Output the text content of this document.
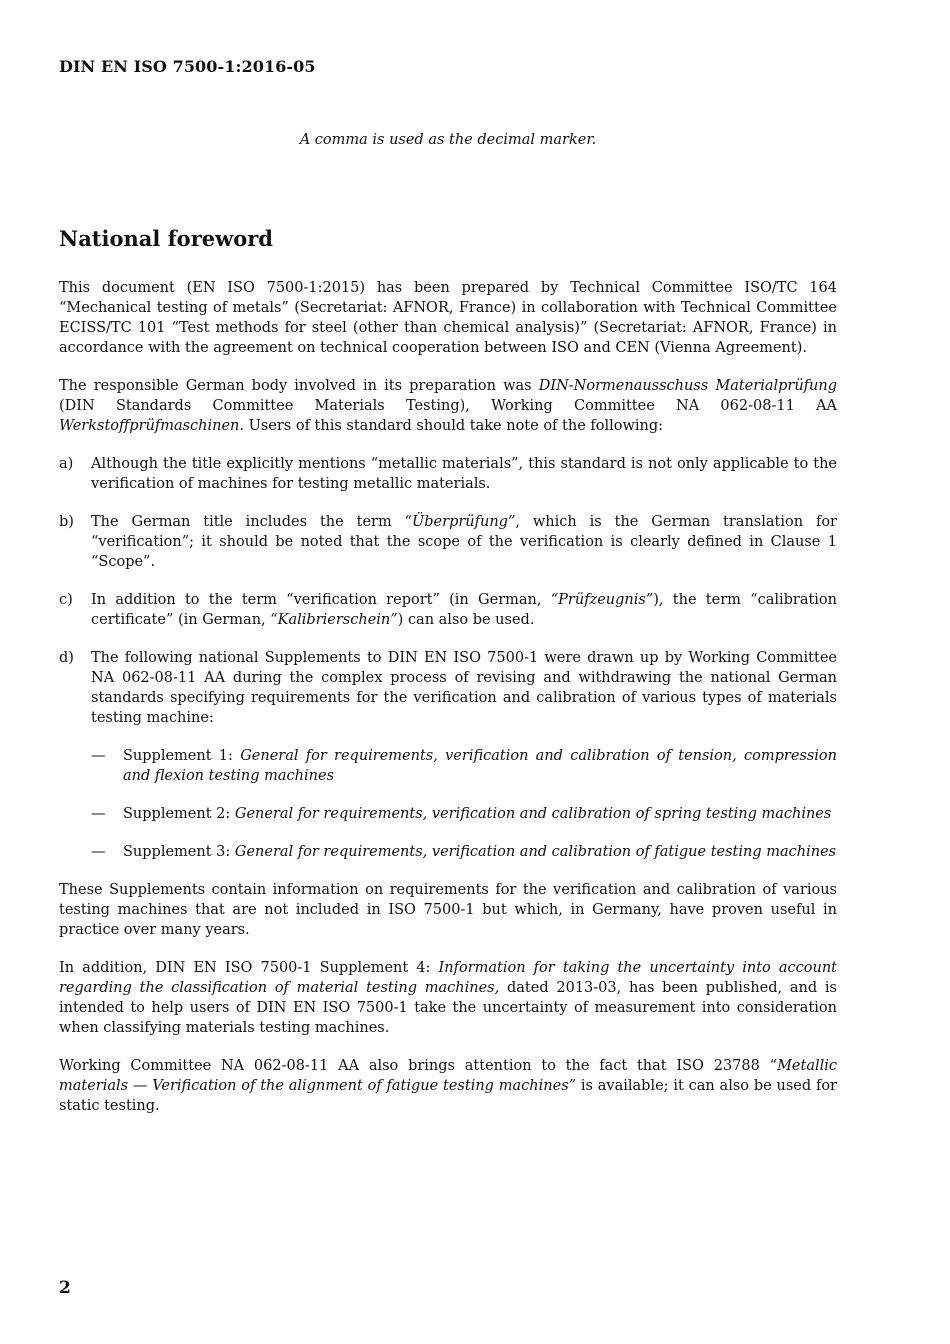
DIN EN ISO 7500-1:2016-05
A comma is used as the decimal marker.
National foreword

This document (EN ISO 7500-1:2015) has been prepared by Technical Committee ISO/TC 164 “Mechanical testing of metals” (Secretariat: AFNOR, France) in collaboration with Technical Committee ECISS/TC 101 “Test methods for steel (other than chemical analysis)” (Secretariat: AFNOR, France) in accordance with the agreement on technical cooperation between ISO and CEN (Vienna Agreement).

The responsible German body involved in its preparation was DIN-Normenausschuss Materialprüfung (DIN Standards Committee Materials Testing), Working Committee NA 062-08-11 AA Werkstoffprüfmaschinen. Users of this standard should take note of the following:

a)	Although the title explicitly mentions “metallic materials”, this standard is not only applicable to the verification of machines for testing metallic materials.
b)	The German title includes the term “Überprüfung”, which is the German translation for “verification”; it should be noted that the scope of the verification is clearly defined in Clause 1 “Scope”.
c)	In addition to the term “verification report” (in German, “Prüfzeugnis”), the term “calibration certificate” (in German, “Kalibrierschein”) can also be used.
d)	The following national Supplements to DIN EN ISO 7500-1 were drawn up by Working Committee NA 062-08-11 AA during the complex process of revising and withdrawing the national German standards specifying requirements for the verification and calibration of various types of materials testing machine:
—	Supplement 1: General for requirements, verification and calibration of tension, compression and flexion testing machines
—	Supplement 2: General for requirements, verification and calibration of spring testing machines
—	Supplement 3: General for requirements, verification and calibration of fatigue testing machines

These Supplements contain information on requirements for the verification and calibration of various testing machines that are not included in ISO 7500-1 but which, in Germany, have proven useful in practice over many years.

In addition, DIN EN ISO 7500-1 Supplement 4: Information for taking the uncertainty into account regarding the classification of material testing machines, dated 2013-03, has been published, and is intended to help users of DIN EN ISO 7500-1 take the uncertainty of measurement into consideration when classifying materials testing machines.

Working Committee NA 062-08-11 AA also brings attention to the fact that ISO 23788 “Metallic materials — Verification of the alignment of fatigue testing machines” is available; it can also be used for static testing.

2
